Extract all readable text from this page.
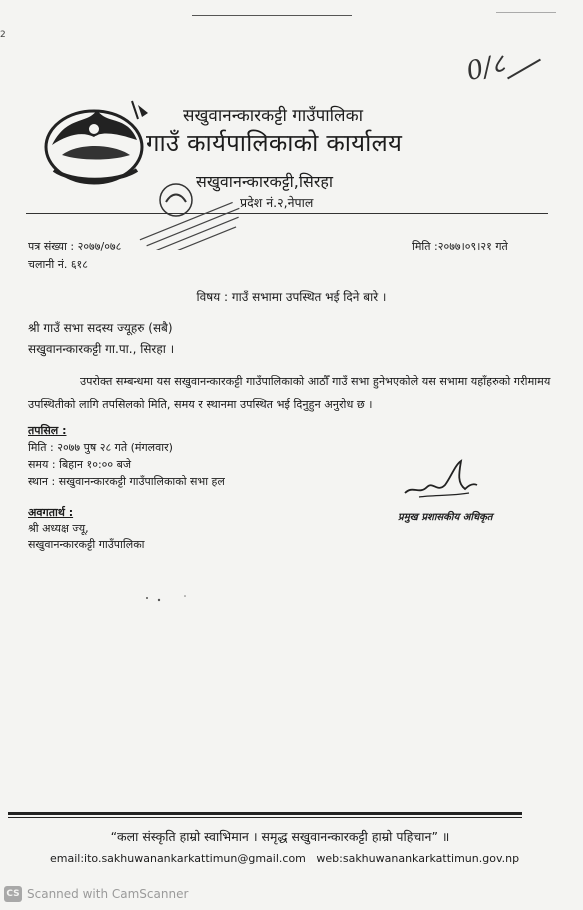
2
0/८
सखुवानन्कारकट्टी गाउँपालिका
गाउँ कार्यपालिकाको कार्यालय
सखुवानन्कारकट्टी,सिरहा
प्रदेश नं.२,नेपाल
पत्र संख्या : २०७७/०७८
चलानी नं. ६१८
मिति :२०७७।०९।२१ गते
विषय : गाउँ सभामा उपस्थित भई दिने बारे ।
श्री गाउँ सभा सदस्य ज्यूहरु (सबै)
सखुवानन्कारकट्टी गा.पा., सिरहा ।
उपरोक्त सम्बन्धमा यस सखुवानन्कारकट्टी गाउँपालिकाको आठौँ गाउँ सभा हुनेभएकोले यस सभामा यहाँहरुको गरीमामय उपस्थितीको लागि तपसिलको मिति, समय र स्थानमा उपस्थित भई दिनुहुन अनुरोध छ ।
तपसिल :
मिति : २०७७ पुष २८ गते (मंगलवार)
समय : बिहान १०:०० बजे
स्थान : सखुवानन्कारकट्टी गाउँपालिकाको सभा हल
प्रमुख प्रशासकीय अधिकृत
अवगतार्थ :
श्री अध्यक्ष ज्यू,
सखुवानन्कारकट्टी गाउँपालिका
“कला संस्कृति हाम्रो स्वाभिमान । समृद्ध सखुवानन्कारकट्टी हाम्रो पहिचान” ॥
email:ito.sakhuwanankarkattimun@gmail.com web:sakhuwanankarkattimun.gov.np
CS Scanned with CamScanner
